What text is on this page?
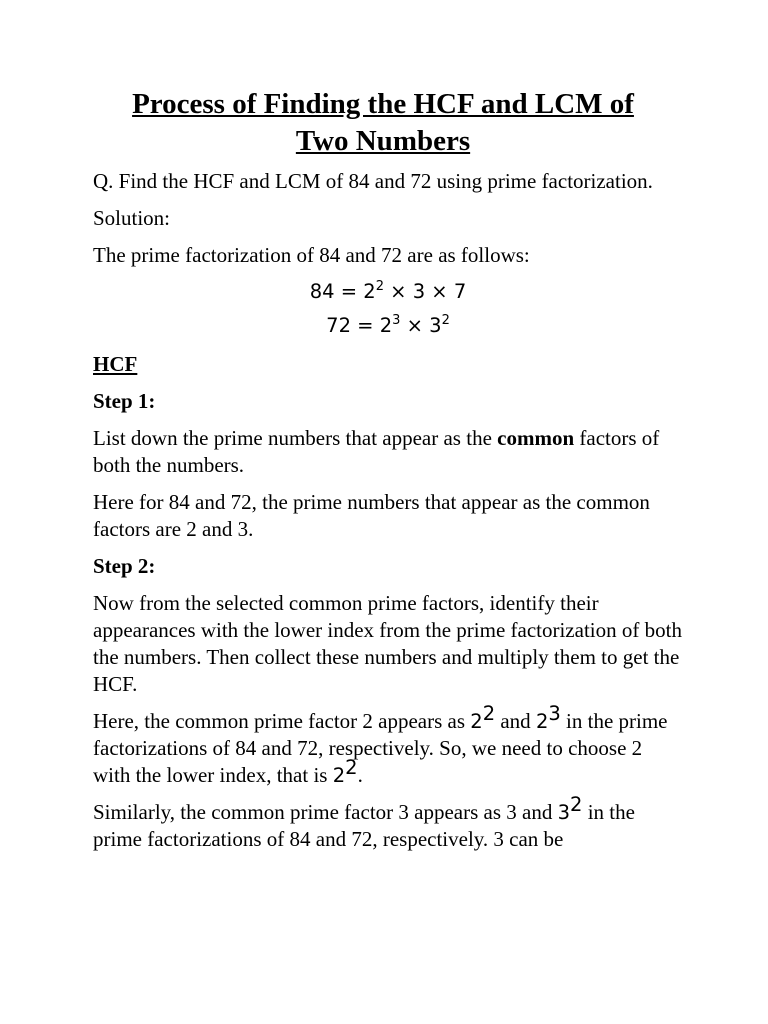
Process of Finding the HCF and LCM of
Two Numbers

Q. Find the HCF and LCM of 84 and 72 using prime factorization.

Solution:

The prime factorization of 84 and 72 are as follows:

$84 = 2^2 \times 3 \times 7$
$72 = 2^3 \times 3^2$

HCF

Step 1:

List down the prime numbers that appear as the common factors of both the numbers.

Here for 84 and 72, the prime numbers that appear as the common factors are 2 and 3.

Step 2:

Now from the selected common prime factors, identify their appearances with the lower index from the prime factorization of both the numbers. Then collect these numbers and multiply them to get the HCF.

Here, the common prime factor 2 appears as $2^2$ and $2^3$ in the prime factorizations of 84 and 72, respectively. So, we need to choose 2 with the lower index, that is $2^2$.

Similarly, the common prime factor 3 appears as 3 and $3^2$ in the prime factorizations of 84 and 72, respectively. 3 can be
